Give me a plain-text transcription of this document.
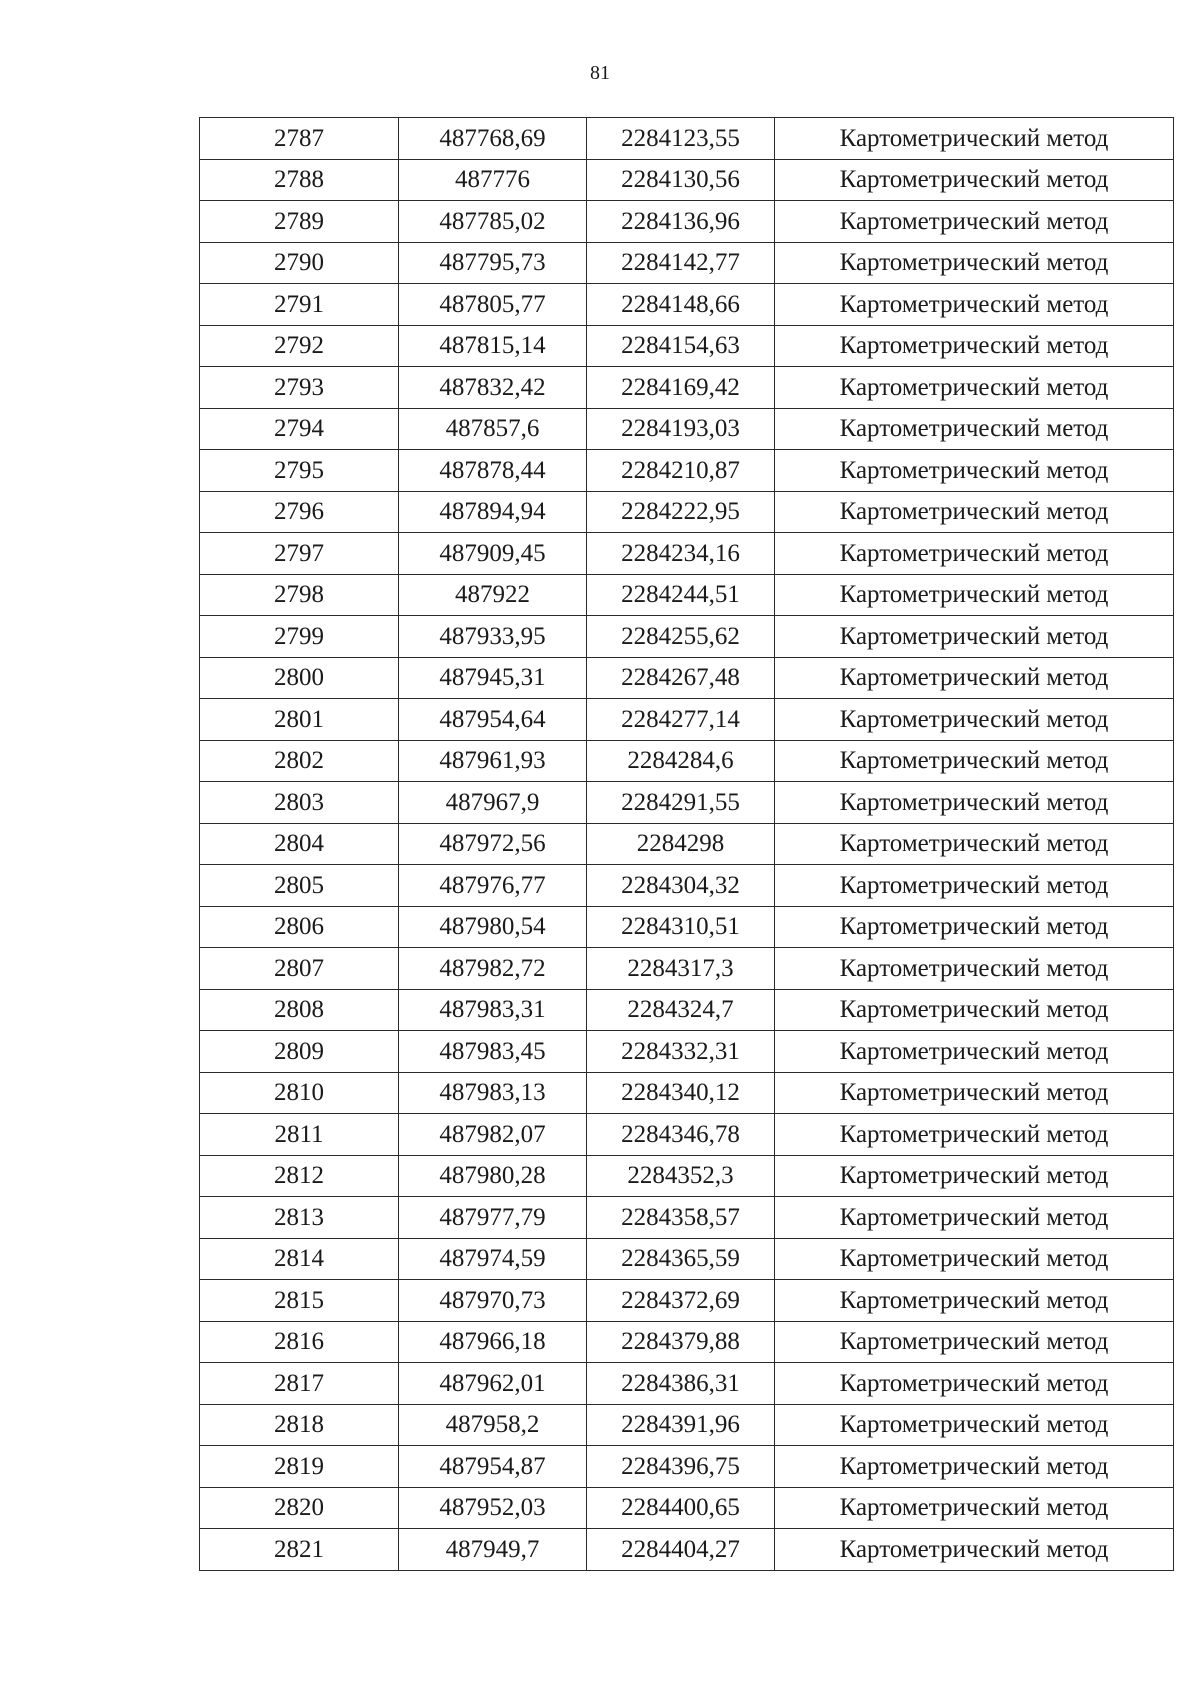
81
2787	487768,69	2284123,55	Картометрический метод
2788	487776	2284130,56	Картометрический метод
2789	487785,02	2284136,96	Картометрический метод
2790	487795,73	2284142,77	Картометрический метод
2791	487805,77	2284148,66	Картометрический метод
2792	487815,14	2284154,63	Картометрический метод
2793	487832,42	2284169,42	Картометрический метод
2794	487857,6	2284193,03	Картометрический метод
2795	487878,44	2284210,87	Картометрический метод
2796	487894,94	2284222,95	Картометрический метод
2797	487909,45	2284234,16	Картометрический метод
2798	487922	2284244,51	Картометрический метод
2799	487933,95	2284255,62	Картометрический метод
2800	487945,31	2284267,48	Картометрический метод
2801	487954,64	2284277,14	Картометрический метод
2802	487961,93	2284284,6	Картометрический метод
2803	487967,9	2284291,55	Картометрический метод
2804	487972,56	2284298	Картометрический метод
2805	487976,77	2284304,32	Картометрический метод
2806	487980,54	2284310,51	Картометрический метод
2807	487982,72	2284317,3	Картометрический метод
2808	487983,31	2284324,7	Картометрический метод
2809	487983,45	2284332,31	Картометрический метод
2810	487983,13	2284340,12	Картометрический метод
2811	487982,07	2284346,78	Картометрический метод
2812	487980,28	2284352,3	Картометрический метод
2813	487977,79	2284358,57	Картометрический метод
2814	487974,59	2284365,59	Картометрический метод
2815	487970,73	2284372,69	Картометрический метод
2816	487966,18	2284379,88	Картометрический метод
2817	487962,01	2284386,31	Картометрический метод
2818	487958,2	2284391,96	Картометрический метод
2819	487954,87	2284396,75	Картометрический метод
2820	487952,03	2284400,65	Картометрический метод
2821	487949,7	2284404,27	Картометрический метод
